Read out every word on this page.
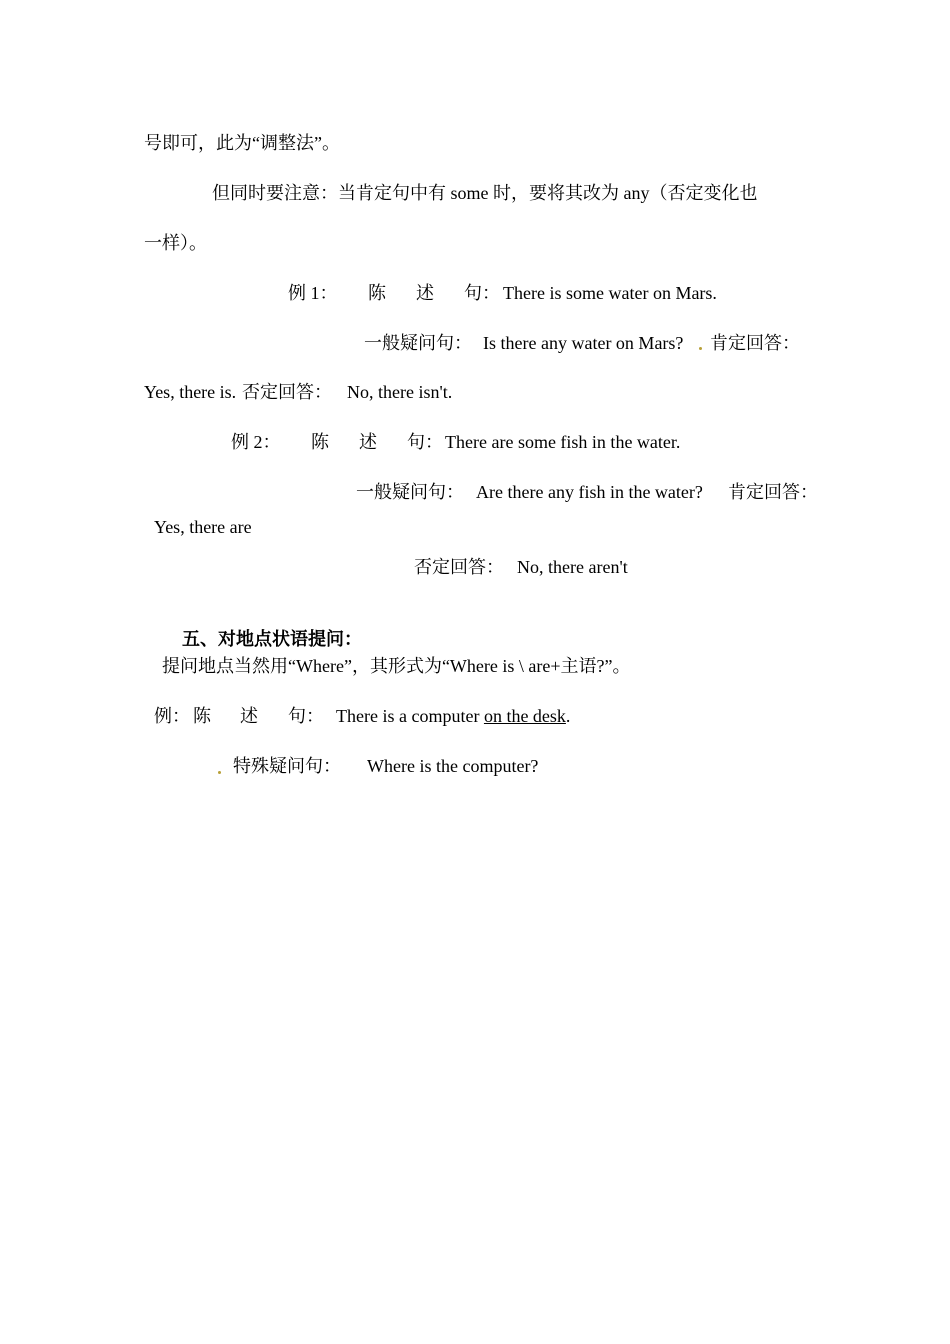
号即可，此为“调整法”。
但同时要注意：当肯定句中有 some 时，要将其改为 any（否定变化也
一样）。
例 1： 陈 述 句： There is some water on Mars.
一般疑问句： Is there any water on Mars? 肯定回答：
Yes, there is. 否定回答： No, there isn't.
例 2： 陈 述 句： There are some fish in the water.
一般疑问句： Are there any fish in the water? 肯定回答：
Yes, there are
否定回答： No, there aren't

五、对地点状语提问：

提问地点当然用“Where”，其形式为“Where is \ are+主语?”。
例： 陈 述 句： There is a computer on the desk.
特殊疑问句： Where is the computer?
